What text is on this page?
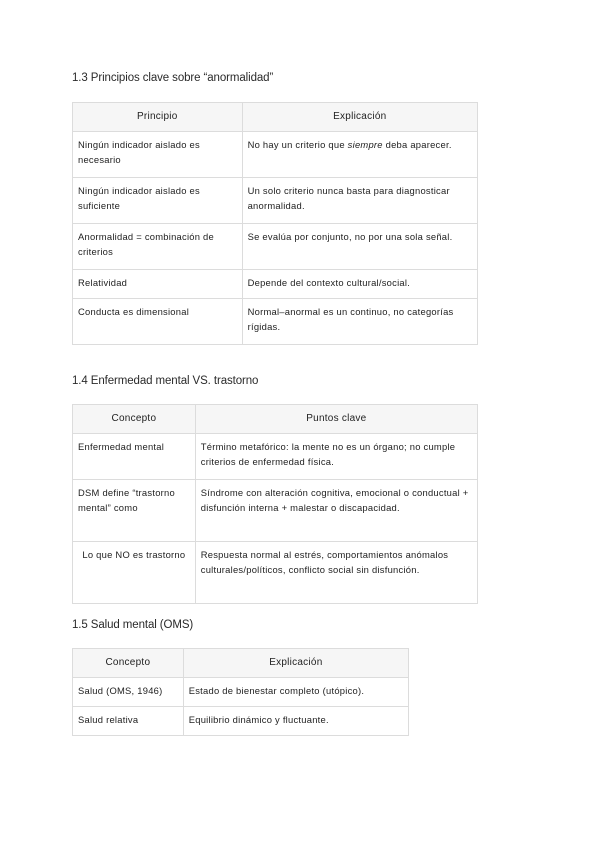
1.3 Principios clave sobre “anormalidad”
Principio	Explicación
Ningún indicador aislado es necesario	No hay un criterio que siempre deba aparecer.
Ningún indicador aislado es suficiente	Un solo criterio nunca basta para diagnosticar anormalidad.
Anormalidad = combinación de criterios	Se evalúa por conjunto, no por una sola señal.
Relatividad	Depende del contexto cultural/social.
Conducta es dimensional	Normal–anormal es un continuo, no categorías rígidas.
1.4 Enfermedad mental VS. trastorno
Concepto	Puntos clave
Enfermedad mental	Término metafórico: la mente no es un órgano; no cumple criterios de enfermedad física.
DSM define “trastorno mental” como	Síndrome con alteración cognitiva, emocional o conductual + disfunción interna + malestar o discapacidad.
Lo que NO es trastorno	Respuesta normal al estrés, comportamientos anómalos culturales/políticos, conflicto social sin disfunción.
1.5 Salud mental (OMS)
Concepto	Explicación
Salud (OMS, 1946)	Estado de bienestar completo (utópico).
Salud relativa	Equilibrio dinámico y fluctuante.
